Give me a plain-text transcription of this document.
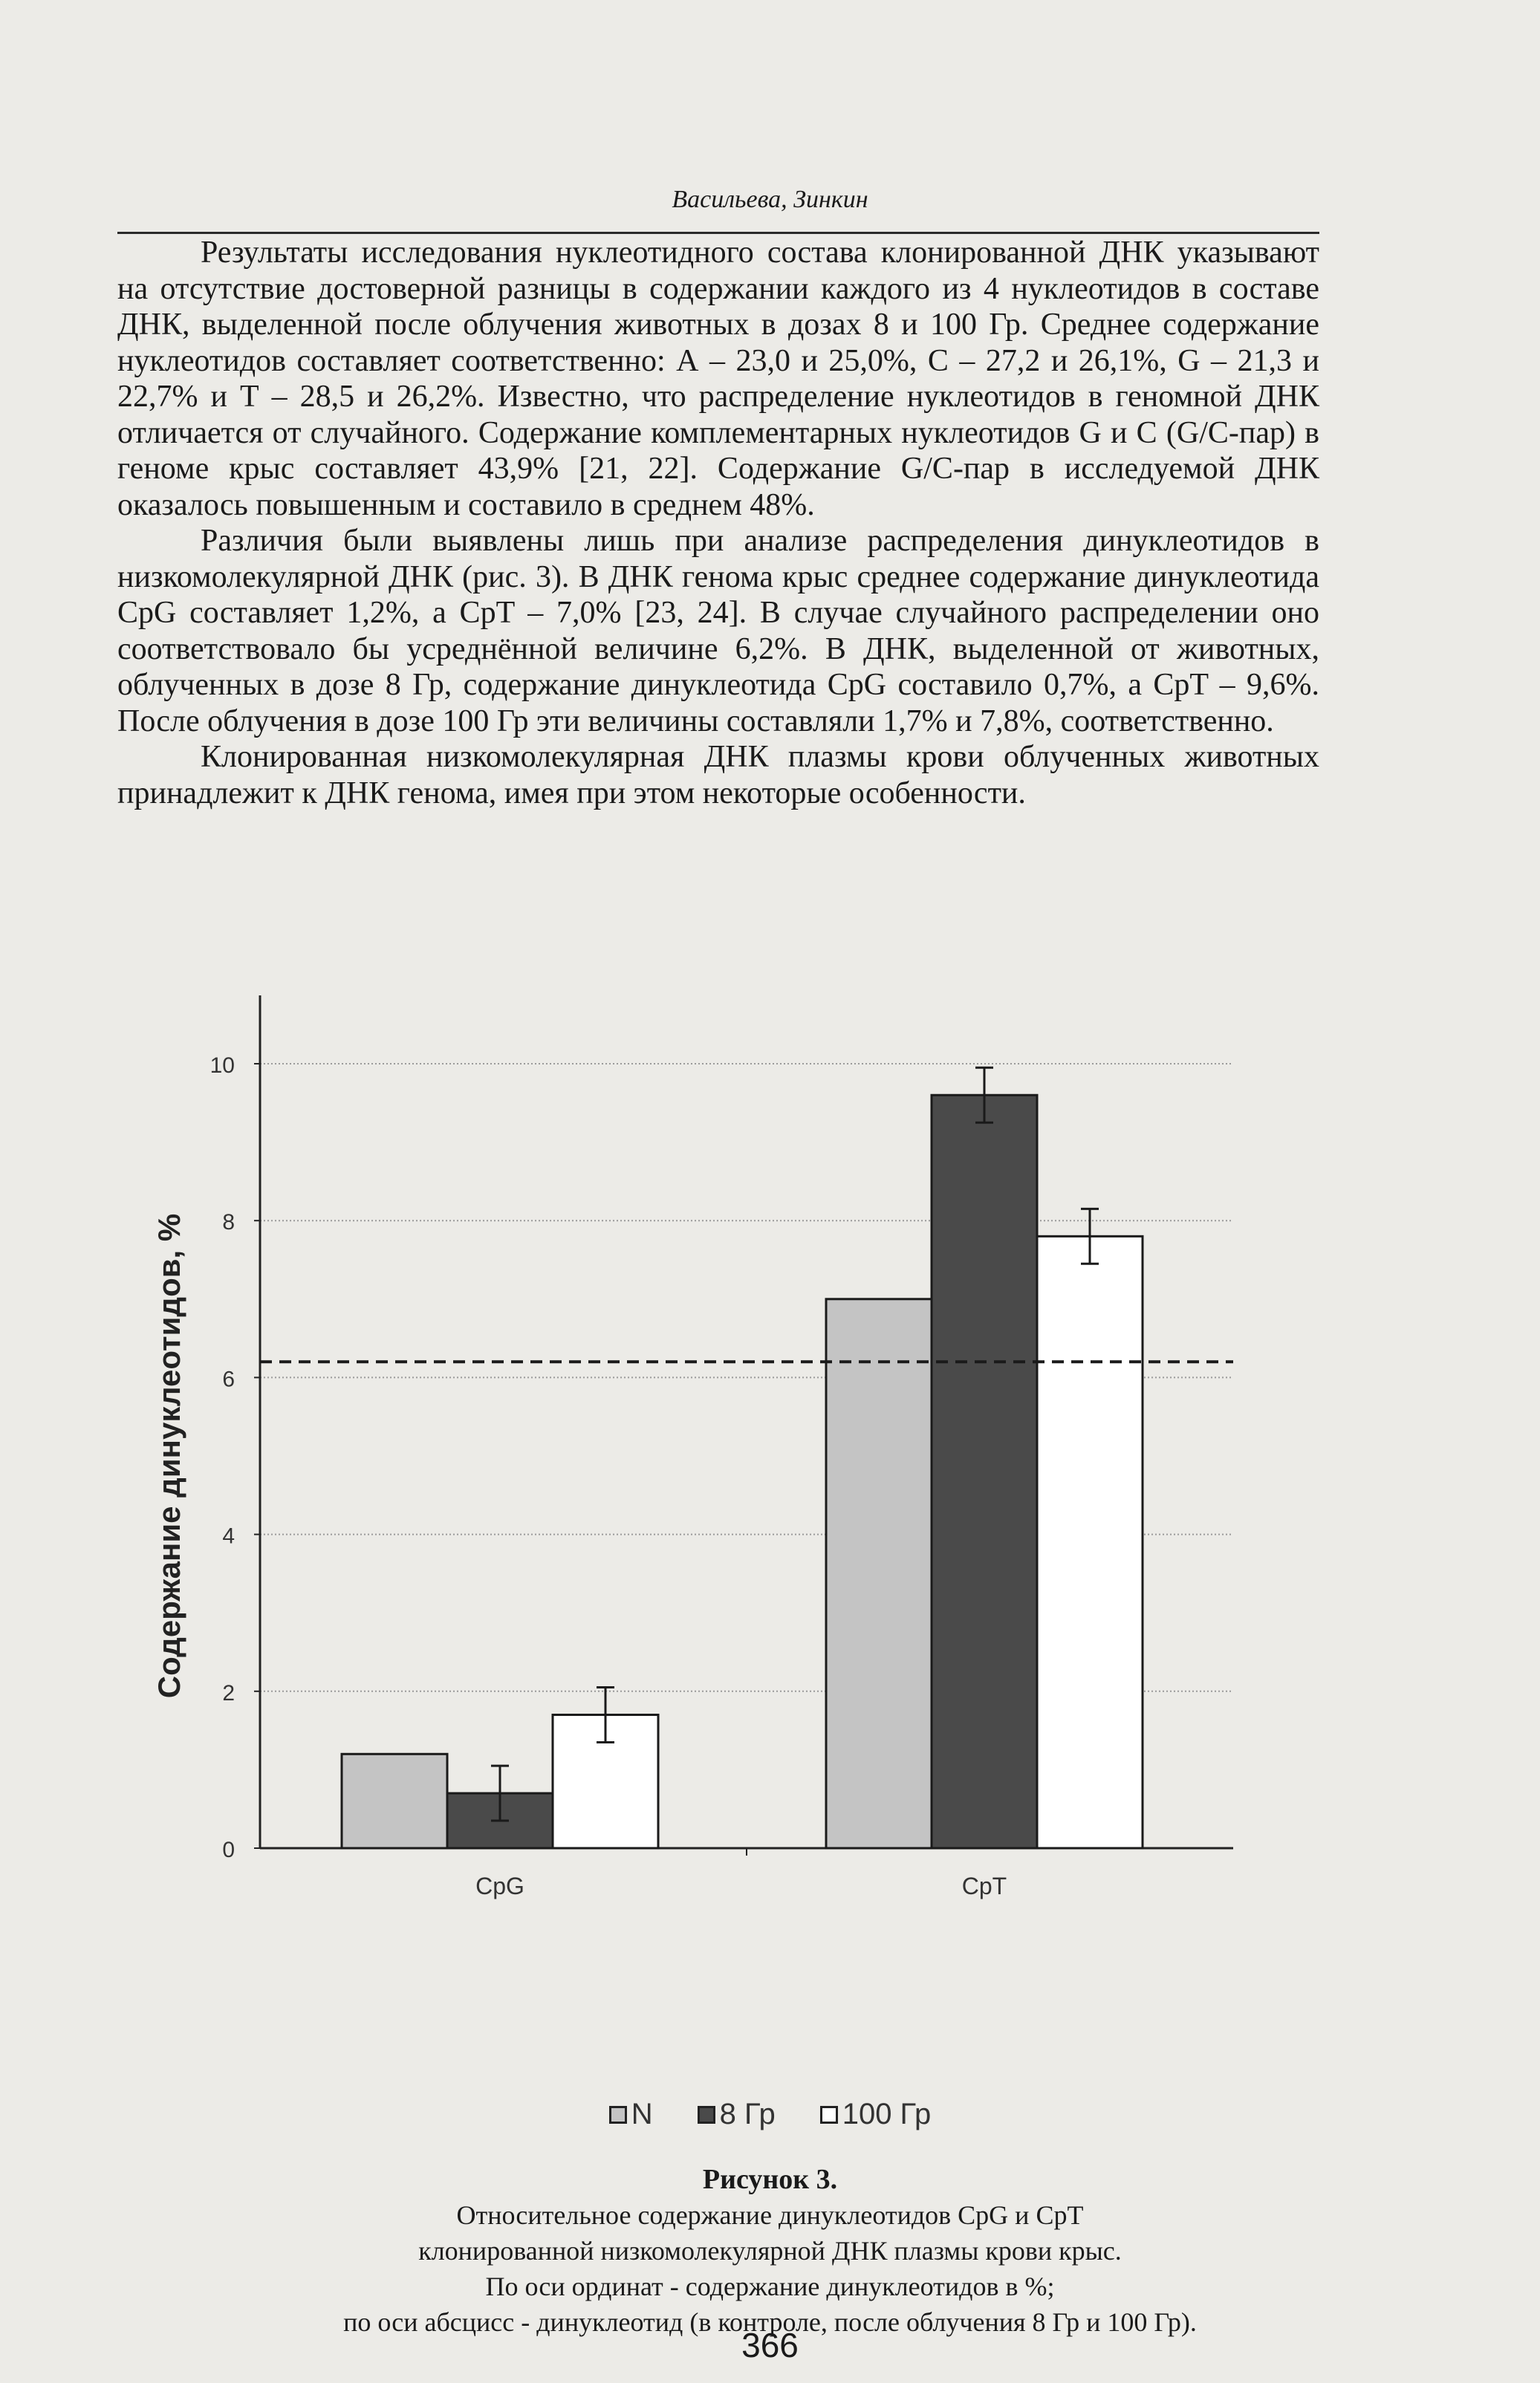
Васильева, Зинкин

Результаты исследования нуклеотидного состава клонированной ДНК указывают на отсутствие достоверной разницы в содержании каждого из 4 нуклеотидов в составе ДНК, выделенной после облучения животных в дозах 8 и 100 Гр. Среднее содержание нуклеотидов составляет соответственно: А – 23,0 и 25,0%, С – 27,2 и 26,1%, G – 21,3 и 22,7% и Т – 28,5 и 26,2%. Известно, что распределение нуклеотидов в геномной ДНК отличается от случайного. Содержание комплементарных нуклеотидов G и С (G/С-пар) в геноме крыс составляет 43,9% [21, 22]. Содержание G/С-пар в исследуемой ДНК оказалось повышенным и составило в среднем 48%.

Различия были выявлены лишь при анализе распределения динуклеотидов в низкомолекулярной ДНК (рис. 3). В ДНК генома крыс среднее содержание динуклеотида CpG составляет 1,2%, а CpT – 7,0% [23, 24]. В случае случайного распределении оно соответствовало бы усреднённой величине 6,2%. В ДНК, выделенной от животных, облученных в дозе 8 Гр, содержание динуклеотида CpG составило 0,7%, а CpT – 9,6%. После облучения в дозе 100 Гр эти величины составляли 1,7% и 7,8%, соответственно.

Клонированная низкомолекулярная ДНК плазмы крови облученных животных принадлежит к ДНК генома, имея при этом некоторые особенности.

0
2
4
6
8
10
Содержание динуклеотидов, %
CpG	CpT
N 8 Гр 100 Гр
Рисунок 3.
Относительное содержание динуклеотидов CpG и CpT
клонированной низкомолекулярной ДНК плазмы крови крыс.
По оси ординат - содержание динуклеотидов в %;
по оси абсцисс - динуклеотид (в контроле, после облучения 8 Гр и 100 Гр).
366
